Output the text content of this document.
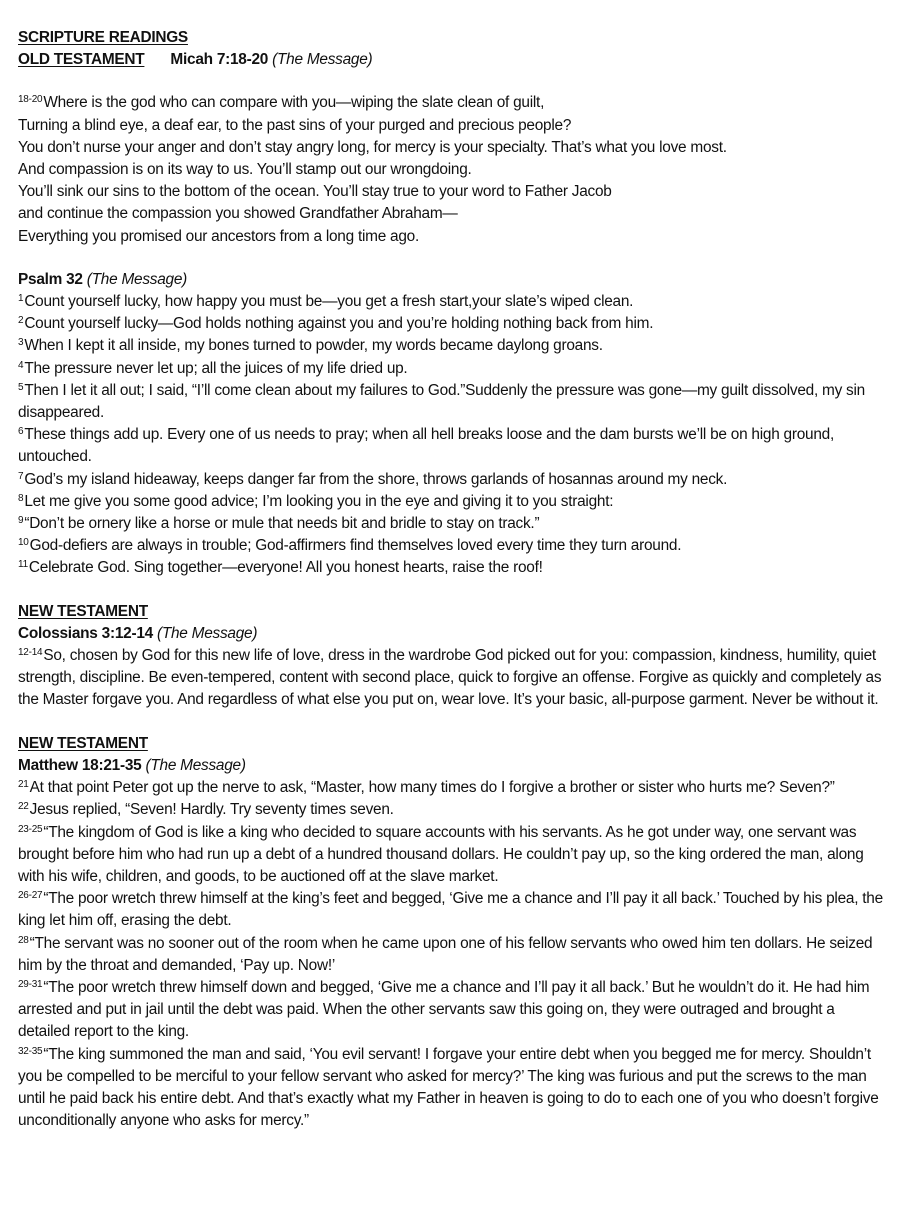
SCRIPTURE READINGS
OLD TESTAMENT Micah 7:18-20 (The Message)
$^{18-20}$Where is the god who can compare with you—wiping the slate clean of guilt,
Turning a blind eye, a deaf ear, to the past sins of your purged and precious people?
You don’t nurse your anger and don’t stay angry long, for mercy is your specialty. That’s what you love most.
And compassion is on its way to us. You’ll stamp out our wrongdoing.
You’ll sink our sins to the bottom of the ocean. You’ll stay true to your word to Father Jacob
and continue the compassion you showed Grandfather Abraham—
Everything you promised our ancestors from a long time ago.
Psalm 32 (The Message)
$^1$Count yourself lucky, how happy you must be—you get a fresh start,your slate’s wiped clean.
$^2$Count yourself lucky—God holds nothing against you and you’re holding nothing back from him.
$^3$When I kept it all inside, my bones turned to powder, my words became daylong groans.
$^4$The pressure never let up; all the juices of my life dried up.
$^5$Then I let it all out; I said, “I’ll come clean about my failures to God.”Suddenly the pressure was gone—my guilt dissolved, my sin disappeared.
$^6$These things add up. Every one of us needs to pray; when all hell breaks loose and the dam bursts we’ll be on high ground, untouched.
$^7$God’s my island hideaway, keeps danger far from the shore, throws garlands of hosannas around my neck.
$^8$Let me give you some good advice; I’m looking you in the eye and giving it to you straight:
$^9$“Don’t be ornery like a horse or mule that needs bit and bridle to stay on track.”
$^{10}$God-defiers are always in trouble; God-affirmers find themselves loved every time they turn around.
$^{11}$Celebrate God. Sing together—everyone! All you honest hearts, raise the roof!
NEW TESTAMENT
Colossians 3:12-14 (The Message)
$^{12-14}$So, chosen by God for this new life of love, dress in the wardrobe God picked out for you: compassion, kindness, humility, quiet strength, discipline. Be even-tempered, content with second place, quick to forgive an offense. Forgive as quickly and completely as the Master forgave you. And regardless of what else you put on, wear love. It’s your basic, all-purpose garment. Never be without it.
NEW TESTAMENT
Matthew 18:21-35 (The Message)
$^{21}$At that point Peter got up the nerve to ask, “Master, how many times do I forgive a brother or sister who hurts me? Seven?”
$^{22}$Jesus replied, “Seven! Hardly. Try seventy times seven.
$^{23-25}$“The kingdom of God is like a king who decided to square accounts with his servants. As he got under way, one servant was brought before him who had run up a debt of a hundred thousand dollars. He couldn’t pay up, so the king ordered the man, along with his wife, children, and goods, to be auctioned off at the slave market.
$^{26-27}$“The poor wretch threw himself at the king’s feet and begged, ‘Give me a chance and I’ll pay it all back.’ Touched by his plea, the king let him off, erasing the debt.
$^{28}$“The servant was no sooner out of the room when he came upon one of his fellow servants who owed him ten dollars. He seized him by the throat and demanded, ‘Pay up. Now!’
$^{29-31}$“The poor wretch threw himself down and begged, ‘Give me a chance and I’ll pay it all back.’ But he wouldn’t do it. He had him arrested and put in jail until the debt was paid. When the other servants saw this going on, they were outraged and brought a detailed report to the king.
$^{32-35}$“The king summoned the man and said, ‘You evil servant! I forgave your entire debt when you begged me for mercy. Shouldn’t you be compelled to be merciful to your fellow servant who asked for mercy?’ The king was furious and put the screws to the man until he paid back his entire debt. And that’s exactly what my Father in heaven is going to do to each one of you who doesn’t forgive unconditionally anyone who asks for mercy.”
